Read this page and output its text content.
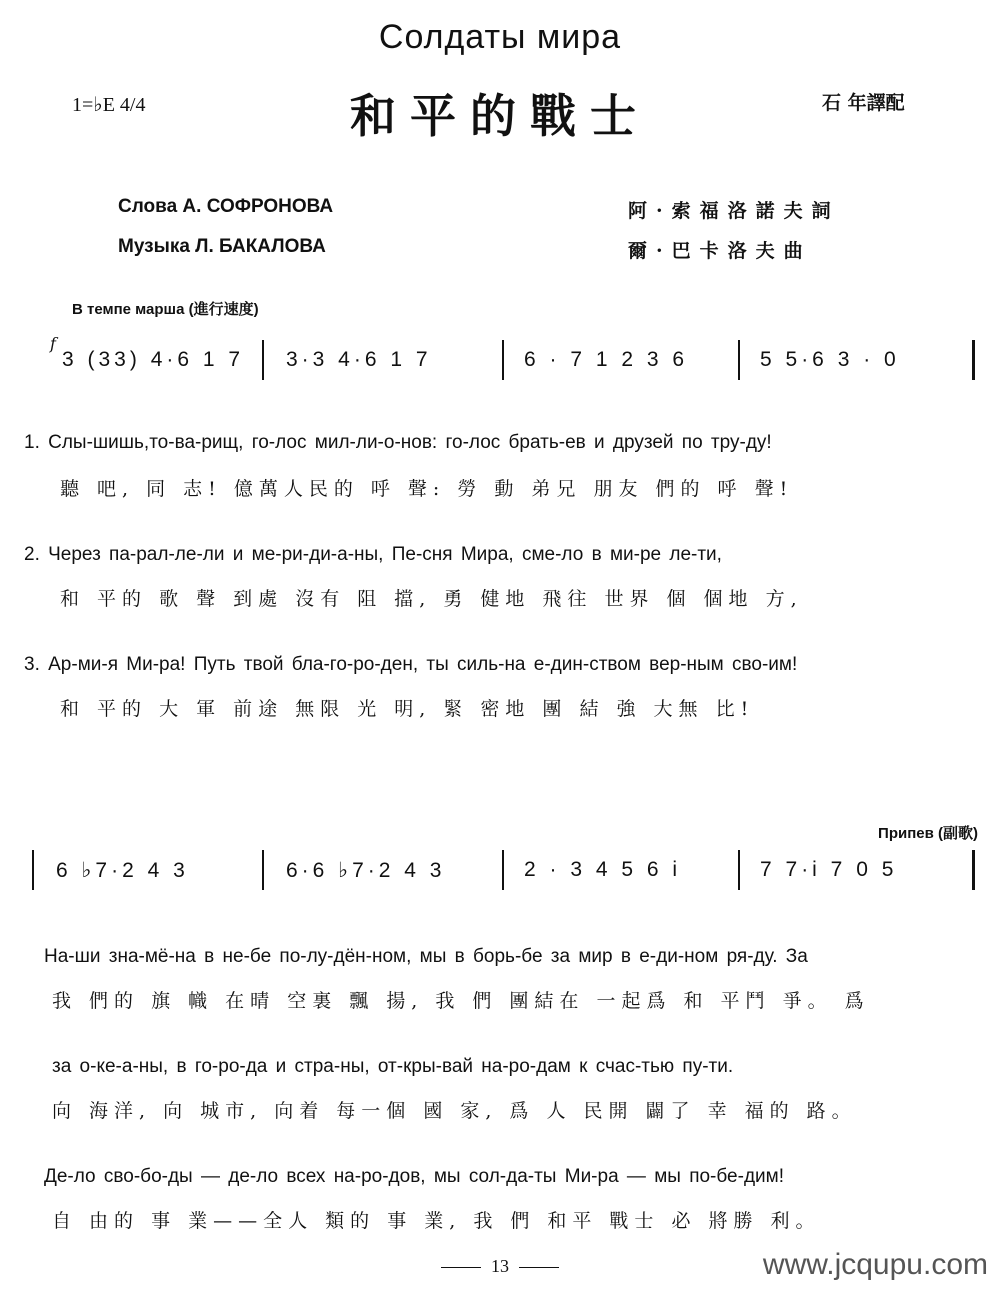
Солдаты мира
和平的戰士
1=♭E 4/4	石 年譯配
Слова А. СОФРОНОВА
Музыка Л. БАКАЛОВА
阿·索福洛諾夫詞
爾·巴卡洛夫曲
В темпе марша (進行速度)
f
3 (33) 4·6 1 7 3·3 4·6 1 7	6 · 7 1 2 3 6	5 5·6 3 · 0
1. Слы-шишь,то-ва-рищ, го-лос мил-ли-о-нов: го-лос брать-ев и друзей по тру-ду!
聽 吧, 同 志! 億萬人民的 呼 聲: 勞 動 弟兄 朋友 們的 呼 聲!
2. Через па-рал-ле-ли и ме-ри-ди-а-ны, Пе-сня Мира, сме-ло в ми-ре ле-ти,
和 平的 歌 聲 到處 沒有 阻 擋, 勇 健地 飛往 世界 個 個地 方,
3. Ар-ми-я Ми-ра! Путь твой бла-го-ро-ден, ты силь-на е-дин-ством вер-ным сво-им!
和 平的 大 軍 前途 無限 光 明, 緊 密地 團 結 強 大無 比!
Припев (副歌)
6 ♭7·2 4 3	6·6 ♭7·2 4 3	2 · 3 4 5 6 i	7 7·i 7 0 5
На-ши зна-мё-на в не-бе по-лу-дён-ном, мы в борь-бе за мир в е-ди-ном ря-ду. За
我 們的 旗 幟 在晴 空裏 飄 揚, 我 們 團結在 一起爲 和 平鬥 爭。 爲
за о-ке-а-ны, в го-ро-да и стра-ны, от-кры-вай на-ро-дам к счас-тью пу-ти.
向 海洋, 向 城市, 向着 每一個 國 家, 爲 人 民開 闢了 幸 福的 路。
Де-ло сво-бо-ды — де-ло всех на-ро-дов, мы сол-да-ты Ми-ра — мы по-бе-дим!
自 由的 事 業——全人 類的 事 業, 我 們 和平 戰士 必 將勝 利。
13	www.jcqupu.com
